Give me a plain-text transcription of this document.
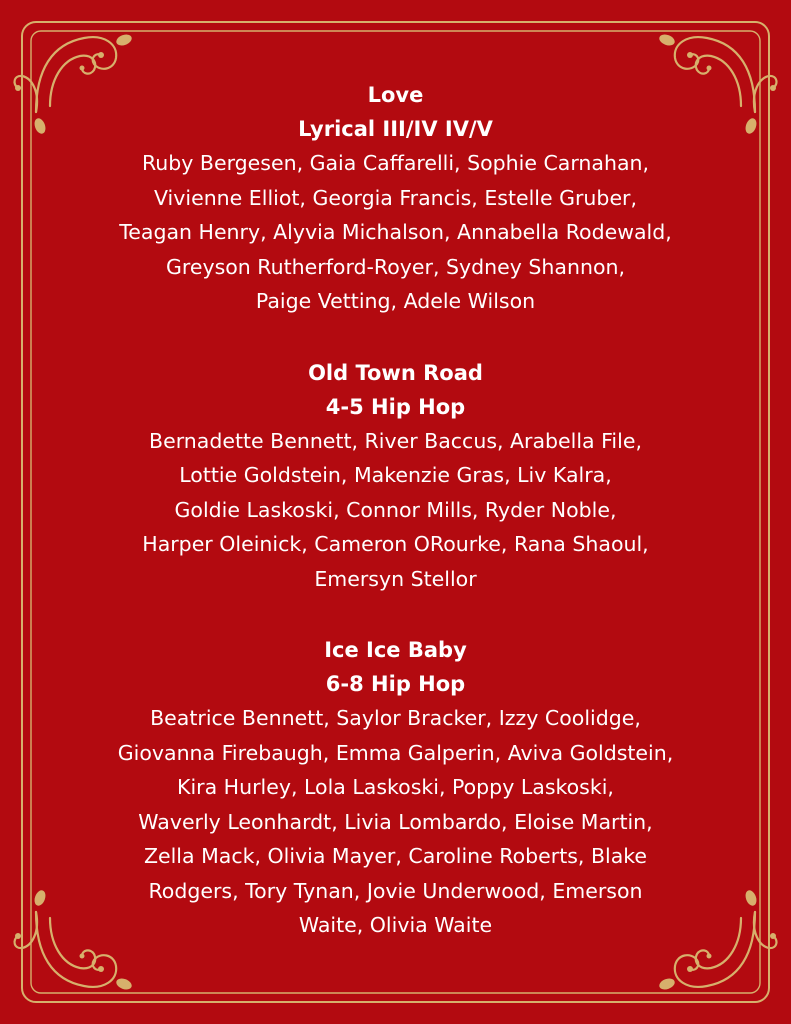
Love
Lyrical III/IV IV/V
Ruby Bergesen, Gaia Caffarelli, Sophie Carnahan,
Vivienne Elliot, Georgia Francis, Estelle Gruber,
Teagan Henry, Alyvia Michalson, Annabella Rodewald,
Greyson Rutherford-Royer, Sydney Shannon,
Paige Vetting, Adele Wilson
Old Town Road
4-5 Hip Hop
Bernadette Bennett, River Baccus, Arabella File,
Lottie Goldstein, Makenzie Gras, Liv Kalra,
Goldie Laskoski, Connor Mills, Ryder Noble,
Harper Oleinick, Cameron ORourke, Rana Shaoul,
Emersyn Stellor
Ice Ice Baby
6-8 Hip Hop
Beatrice Bennett, Saylor Bracker, Izzy Coolidge,
Giovanna Firebaugh, Emma Galperin, Aviva Goldstein,
Kira Hurley, Lola Laskoski, Poppy Laskoski,
Waverly Leonhardt, Livia Lombardo, Eloise Martin,
Zella Mack, Olivia Mayer, Caroline Roberts, Blake
Rodgers, Tory Tynan, Jovie Underwood, Emerson
Waite, Olivia Waite
